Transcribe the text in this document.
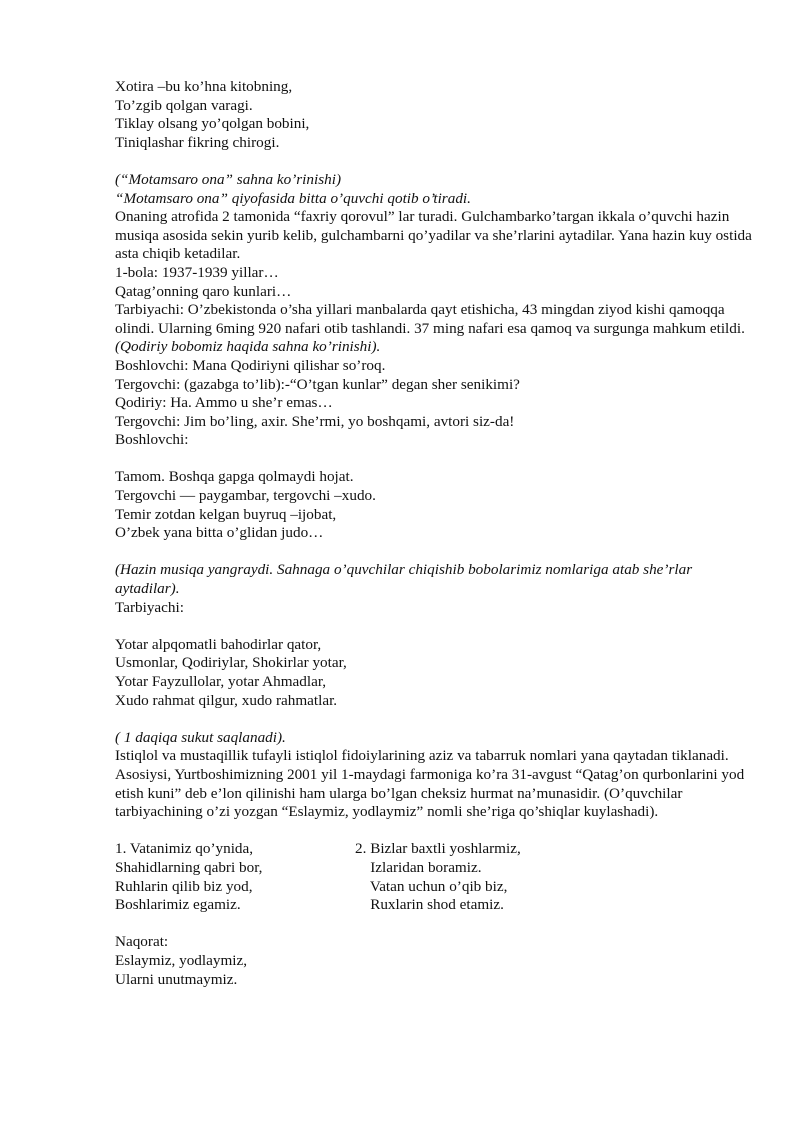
Xotira –bu ko’hna kitobning,
To’zgib qolgan varagi.
Tiklay olsang yo’qolgan bobini,
Tiniqlashar fikring chirogi.
(“Motamsaro ona” sahna ko’rinishi)
“Motamsaro ona” qiyofasida bitta o’quvchi qotib o’tiradi.
Onaning atrofida 2 tamonida “faxriy qorovul” lar turadi. Gulchambarko’targan ikkala o’quvchi hazin musiqa asosida sekin yurib kelib, gulchambarni qo’yadilar va she’rlarini aytadilar. Yana hazin kuy ostida asta chiqib ketadilar.
1-bola: 1937-1939 yillar…
Qatag’onning qaro kunlari…
Tarbiyachi: O’zbekistonda o’sha yillari manbalarda qayt etishicha, 43 mingdan ziyod kishi qamoqqa olindi. Ularning 6ming 920 nafari otib tashlandi. 37 ming nafari esa qamoq va surgunga mahkum etildi.
(Qodiriy bobomiz haqida sahna ko’rinishi).
Boshlovchi: Mana Qodiriyni qilishar so’roq.
Tergovchi: (gazabga to’lib):-“O’tgan kunlar” degan sher senikimi?
Qodiriy: Ha. Ammo u she’r emas…
Tergovchi: Jim bo’ling, axir. She’rmi, yo boshqami, avtori siz-da!
Boshlovchi:
Tamom. Boshqa gapga qolmaydi hojat.
Tergovchi — paygambar, tergovchi –xudo.
Temir zotdan kelgan buyruq –ijobat,
O’zbek yana bitta o’glidan judo…
(Hazin musiqa yangraydi. Sahnaga o’quvchilar chiqishib bobolarimiz nomlariga atab she’rlar aytadilar).
Tarbiyachi:
Yotar alpqomatli bahodirlar qator,
Usmonlar, Qodiriylar, Shokirlar yotar,
Yotar Fayzullolar, yotar Ahmadlar,
Xudo rahmat qilgur, xudo rahmatlar.
( 1 daqiqa sukut saqlanadi).
Istiqlol va mustaqillik tufayli istiqlol fidoiylarining aziz va tabarruk nomlari yana qaytadan tiklanadi. Asosiysi, Yurtboshimizning 2001 yil 1-maydagi farmoniga ko’ra 31-avgust “Qatag’on qurbonlarini yod etish kuni” deb e’lon qilinishi ham ularga bo’lgan cheksiz hurmat na’munasidir. (O’quvchilar tarbiyachining o’zi yozgan “Eslaymiz, yodlaymiz” nomli she’riga qo’shiqlar kuylashadi).
1. Vatanimiz qo’ynida,
Shahidlarning qabri bor,
Ruhlarin qilib biz yod,
Boshlarimiz egamiz.
2. Bizlar baxtli yoshlarmiz,
Izlaridan boramiz.
Vatan uchun o’qib biz,
Ruxlarin shod etamiz.
Naqorat:
Eslaymiz, yodlaymiz,
Ularni unutmaymiz.
